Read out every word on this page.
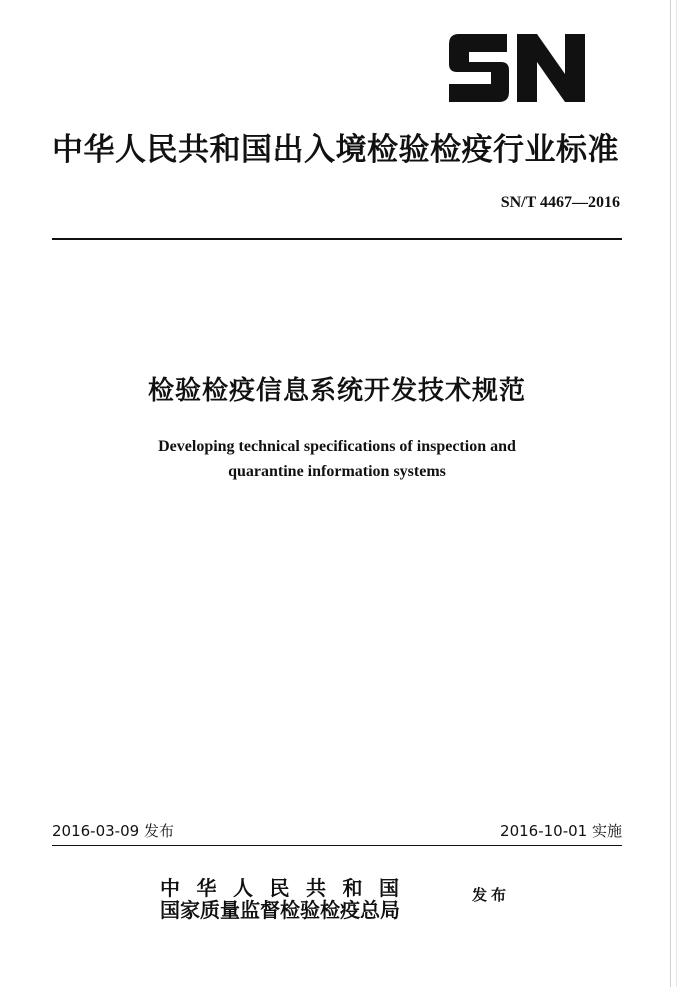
中华人民共和国出入境检验检疫行业标准
SN/T 4467—2016
检验检疫信息系统开发技术规范
Developing technical specifications of inspection and
quarantine information systems
2016-03-09 发布	2016-10-01 实施
中华人民共和国
国家质量监督检验检疫总局
发布
